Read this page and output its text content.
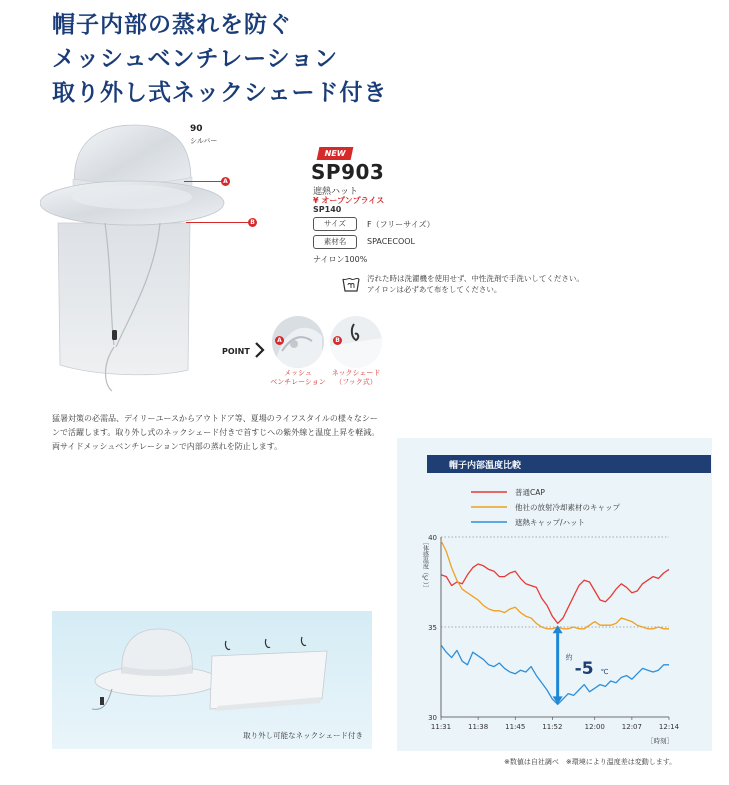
帽子内部の蒸れを防ぐ
メッシュベンチレーション
取り外し式ネックシェード付き
90
シルバー
A
B
NEW
SP903
遮熱ハット
¥ オープンプライス
SP140
サイズ	F（フリーサイズ）
素材名	SPACECOOL
ナイロン100%
汚れた時は洗濯機を使用せず、中性洗剤で手洗いしてください。
アイロンは必ずあて布をしてください。
POINT
A	B
メッシュ
ベンチレーション
ネックシェード
（フック式）
猛暑対策の必需品、デイリーユースからアウトドア等、夏場のライフスタイルの様々なシーンで活躍します。取り外し式のネックシェード付きで首すじへの紫外線と温度上昇を軽減。両サイドメッシュベンチレーションで内部の蒸れを防止します。
取り外し可能なネックシェード付き
40
35
30
［体感温度（℃）］
11:31 11:38 11:45 11:52	12:00 12:07 12:14
［時刻］
普通CAP
他社の放射冷却素材のキャップ
遮熱キャップ/ハット
約
-5 ℃
帽子内部温度比較
※数値は自社調べ　※環境により温度差は変動します。
